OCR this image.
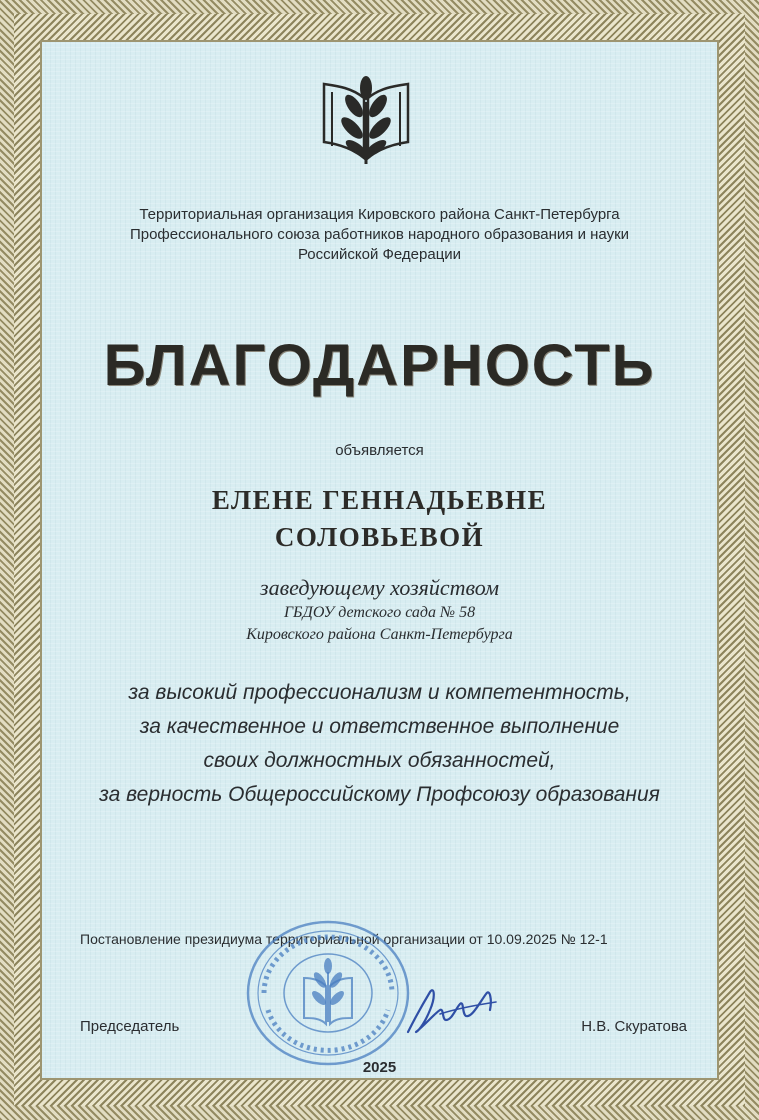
Территориальная организация Кировского района Санкт-Петербурга
Профессионального союза работников народного образования и науки
Российской Федерации
БЛАГОДАРНОСТЬ
объявляется
ЕЛЕНЕ ГЕННАДЬЕВНЕ
СОЛОВЬЕВОЙ
заведующему хозяйством
ГБДОУ детского сада № 58
Кировского района Санкт-Петербурга
за высокий профессионализм и компетентность,
за качественное и ответственное выполнение
своих должностных обязанностей,
за верность Общероссийскому Профсоюзу образования
Постановление президиума территориальной организации от 10.09.2025 № 12-1
Председатель	Н.В. Скуратова
2025
